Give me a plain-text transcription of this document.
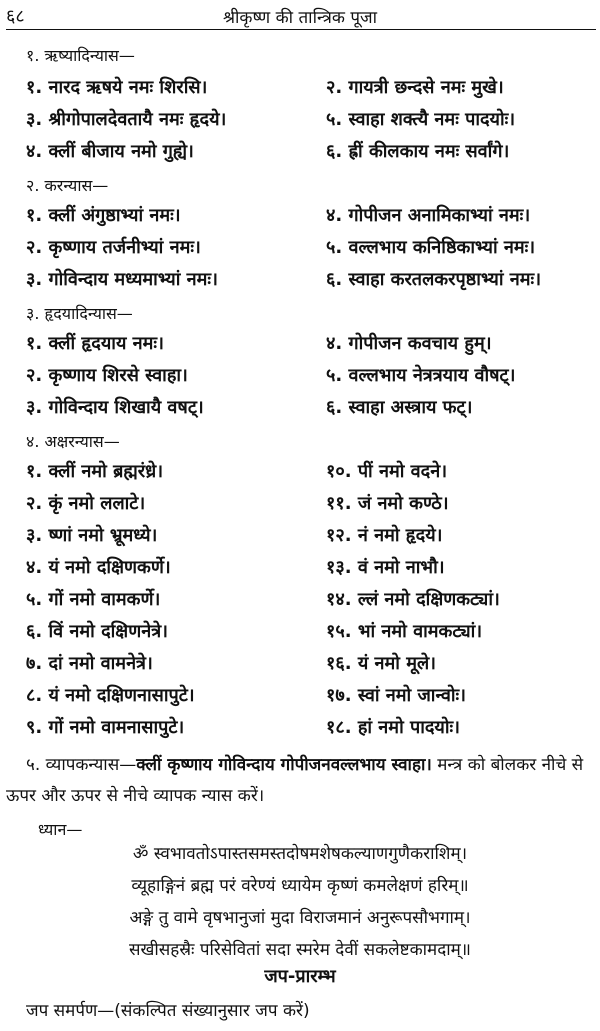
६८	श्रीकृष्ण की तान्त्रिक पूजा
१. ऋष्यादिन्यास—
१. नारद ऋषये नमः शिरसि।	२. गायत्री छन्दसे नमः मुखे।
३. श्रीगोपालदेवतायै नमः हृदये।	५. स्वाहा शक्त्यै नमः पादयोः।
४. क्लीं बीजाय नमो गुह्ये।	६. ह्रीं कीलकाय नमः सर्वांगे।
२. करन्यास—
१. क्लीं अंगुष्ठाभ्यां नमः।	४. गोपीजन अनामिकाभ्यां नमः।
२. कृष्णाय तर्जनीभ्यां नमः।	५. वल्लभाय कनिष्ठिकाभ्यां नमः।
३. गोविन्दाय मध्यमाभ्यां नमः।	६. स्वाहा करतलकरपृष्ठाभ्यां नमः।
३. हृदयादिन्यास—
१. क्लीं हृदयाय नमः।	४. गोपीजन कवचाय हुम्।
२. कृष्णाय शिरसे स्वाहा।	५. वल्लभाय नेत्रत्रयाय वौषट्।
३. गोविन्दाय शिखायै वषट्।	६. स्वाहा अस्त्राय फट्।
४. अक्षरन्यास—
१. क्लीं नमो ब्रह्मरंध्रे।	१०. पीं नमो वदने।
२. कृं नमो ललाटे।	११. जं नमो कण्ठे।
३. ष्णां नमो भ्रूमध्ये।	१२. नं नमो हृदये।
४. यं नमो दक्षिणकर्णे।	१३. वं नमो नाभौ।
५. गों नमो वामकर्णे।	१४. ल्लं नमो दक्षिणकट्यां।
६. विं नमो दक्षिणनेत्रे।	१५. भां नमो वामकट्यां।
७. दां नमो वामनेत्रे।	१६. यं नमो मूले।
८. यं नमो दक्षिणनासापुटे।	१७. स्वां नमो जान्वोः।
९. गों नमो वामनासापुटे।	१८. हां नमो पादयोः।
५. व्यापकन्यास—क्लीं कृष्णाय गोविन्दाय गोपीजनवल्लभाय स्वाहा। मन्त्र को बोलकर नीचे से ऊपर और ऊपर से नीचे व्यापक न्यास करें।
ध्यान—
ॐ स्वभावतोऽपास्तसमस्तदोषमशेषकल्याणगुणैकराशिम्।
व्यूहाङ्गिनं ब्रह्म परं वरेण्यं ध्यायेम कृष्णं कमलेक्षणं हरिम्॥
अङ्गे तु वामे वृषभानुजां मुदा विराजमानं अनुरूपसौभगाम्।
सखीसहस्रैः परिसेवितां सदा स्मरेम देवीं सकलेष्टकामदाम्॥
जप-प्रारम्भ
जप समर्पण—(संकल्पित संख्यानुसार जप करें)
